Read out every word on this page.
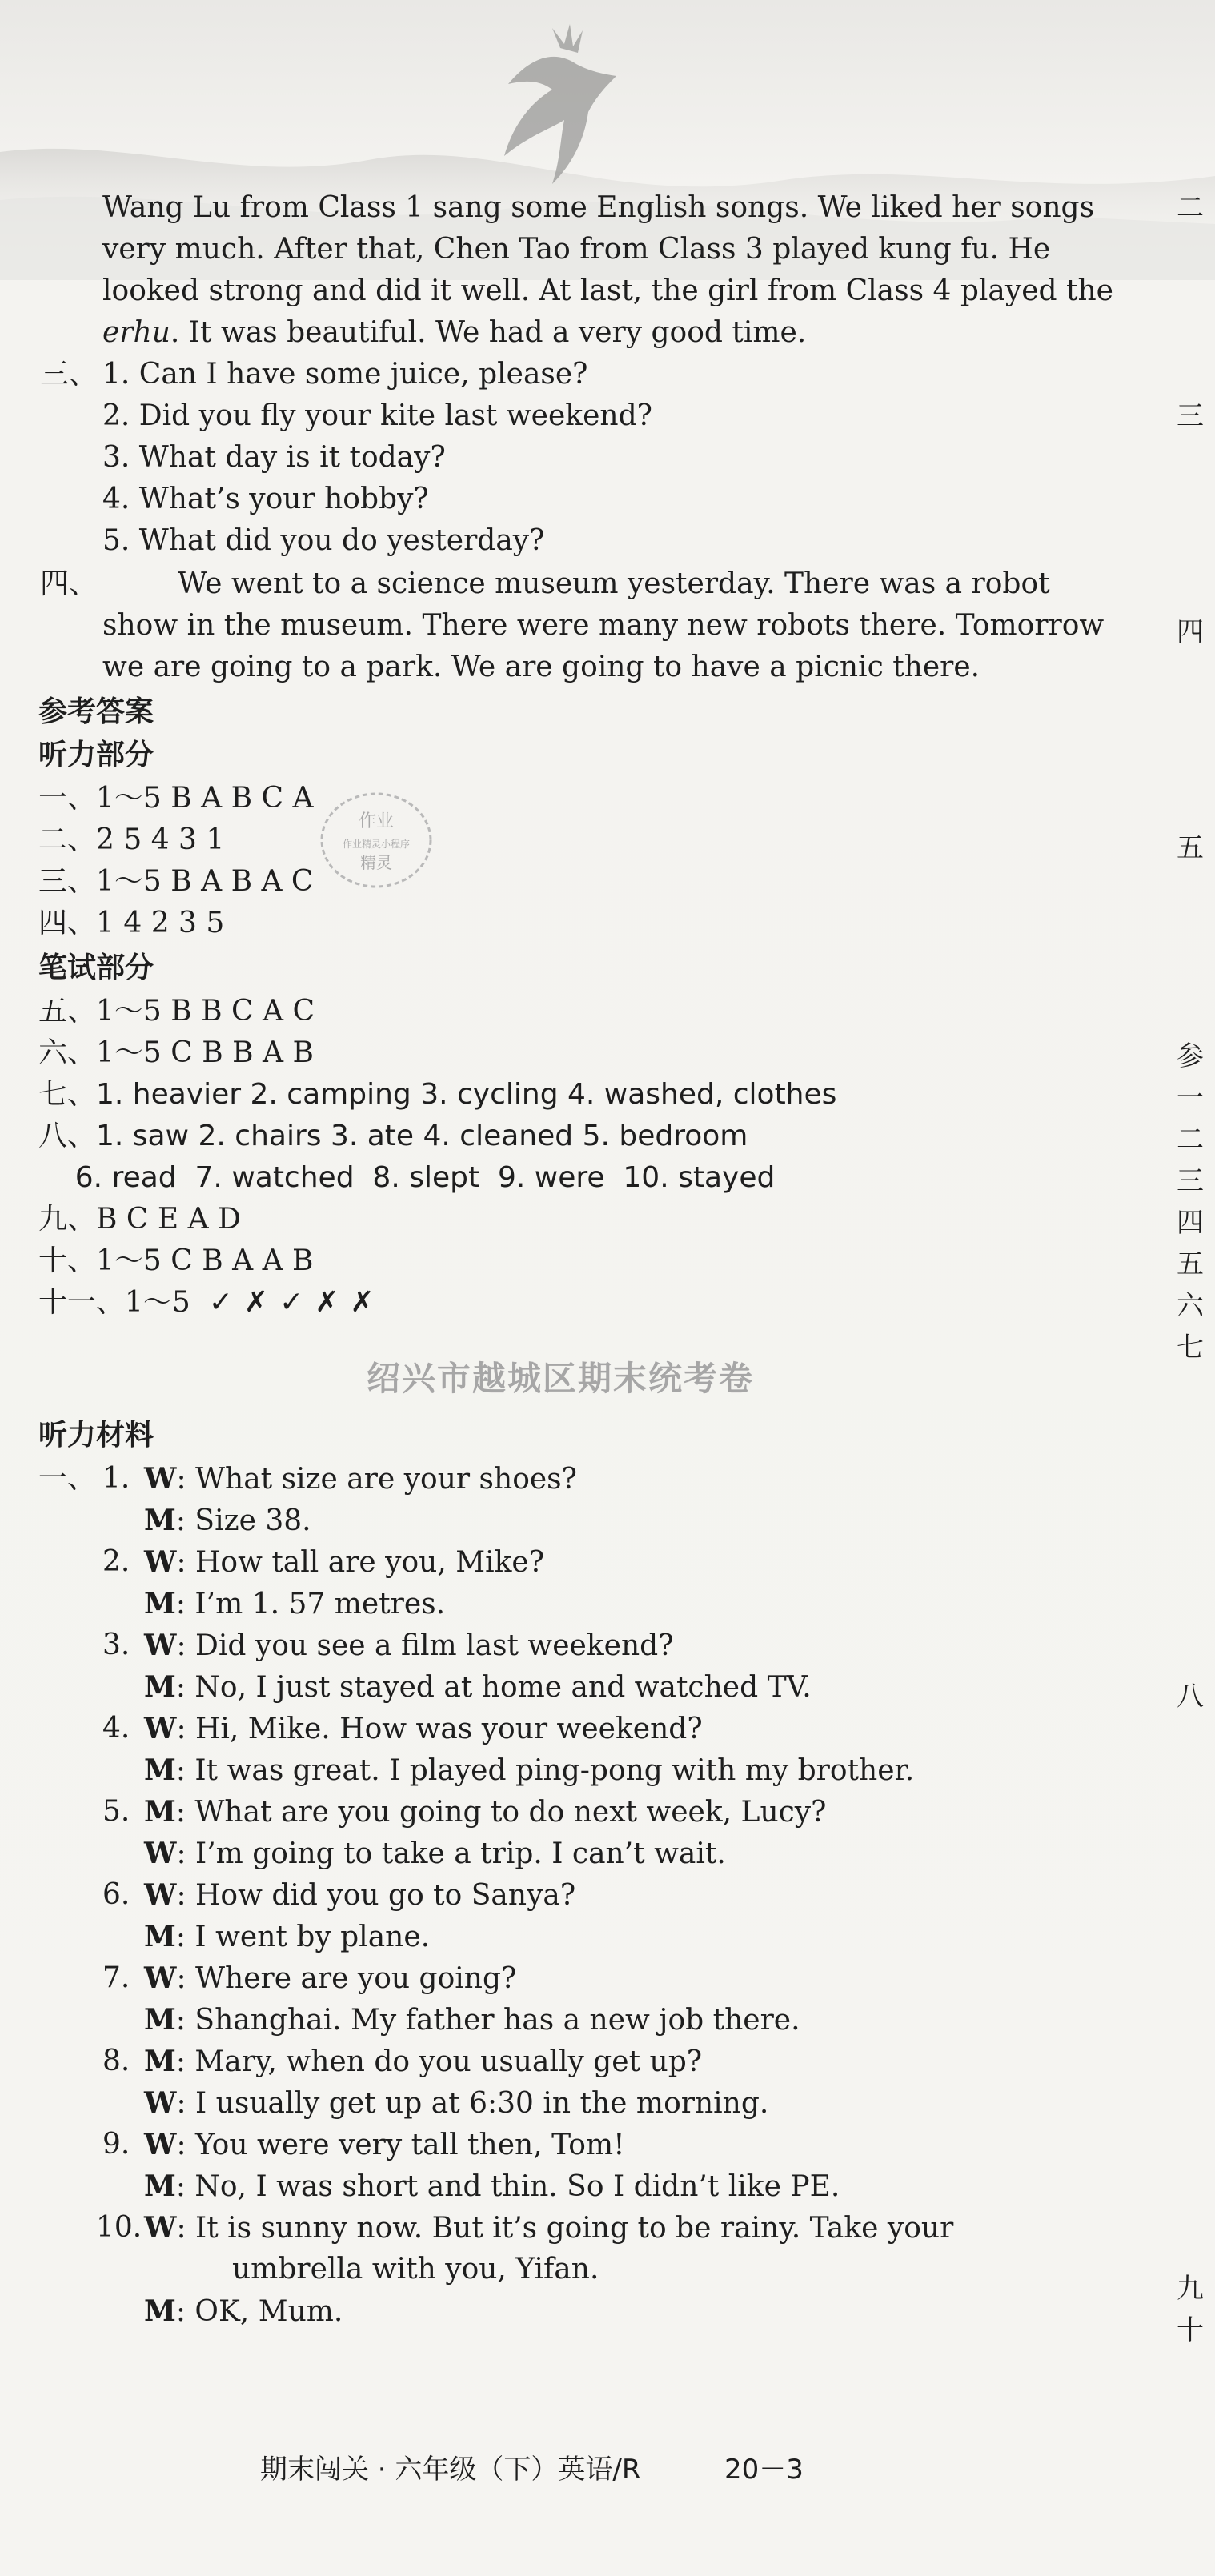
Wang Lu from Class 1 sang some English songs. We liked her songs
very much. After that, Chen Tao from Class 3 played kung fu. He
looked strong and did it well. At last, the girl from Class 4 played the
erhu. It was beautiful. We had a very good time.
三、 1. Can I have some juice, please?
2. Did you fly your kite last weekend?
3. What day is it today?
4. What’s your hobby?
5. What did you do yesterday?
四、	We went to a science museum yesterday. There was a robot
show in the museum. There were many new robots there. Tomorrow
we are going to a park. We are going to have a picnic there.
参考答案
听力部分
一、1～5 B A B C A
二、2 5 4 3 1
三、1～5 B A B A C
四、1 4 2 3 5
作业
作业精灵小程序
精灵
笔试部分
五、1～5 B B C A C
六、1～5 C B B A B
七、1. heavier 2. camping 3. cycling 4. washed, clothes
八、1. saw 2. chairs 3. ate 4. cleaned 5. bedroom
6. read  7. watched  8. slept  9. were  10. stayed
九、B C E A D
十、1～5 C B A A B
十一、1～5 ✓✗✓✗✗
绍兴市越城区期末统考卷
听力材料
一、 1. W: What size are your shoes?
M: Size 38.
2. W: How tall are you, Mike?
M: I’m 1. 57 metres.
3. W: Did you see a film last weekend?
M: No, I just stayed at home and watched TV.
4. W: Hi, Mike. How was your weekend?
M: It was great. I played ping-pong with my brother.
5. M: What are you going to do next week, Lucy?
W: I’m going to take a trip. I can’t wait.
6. W: How did you go to Sanya?
M: I went by plane.
7. W: Where are you going?
M: Shanghai. My father has a new job there.
8. M: Mary, when do you usually get up?
W: I usually get up at 6:30 in the morning.
9. W: You were very tall then, Tom!
M: No, I was short and thin. So I didn’t like PE.
10. W: It is sunny now. But it’s going to be rainy. Take your
umbrella with you, Yifan.
M: OK, Mum.
二
三
四
五
参
一
二
三
四
五
六
七
八
九
十
期末闯关 · 六年级（下）英语/R	20－3
